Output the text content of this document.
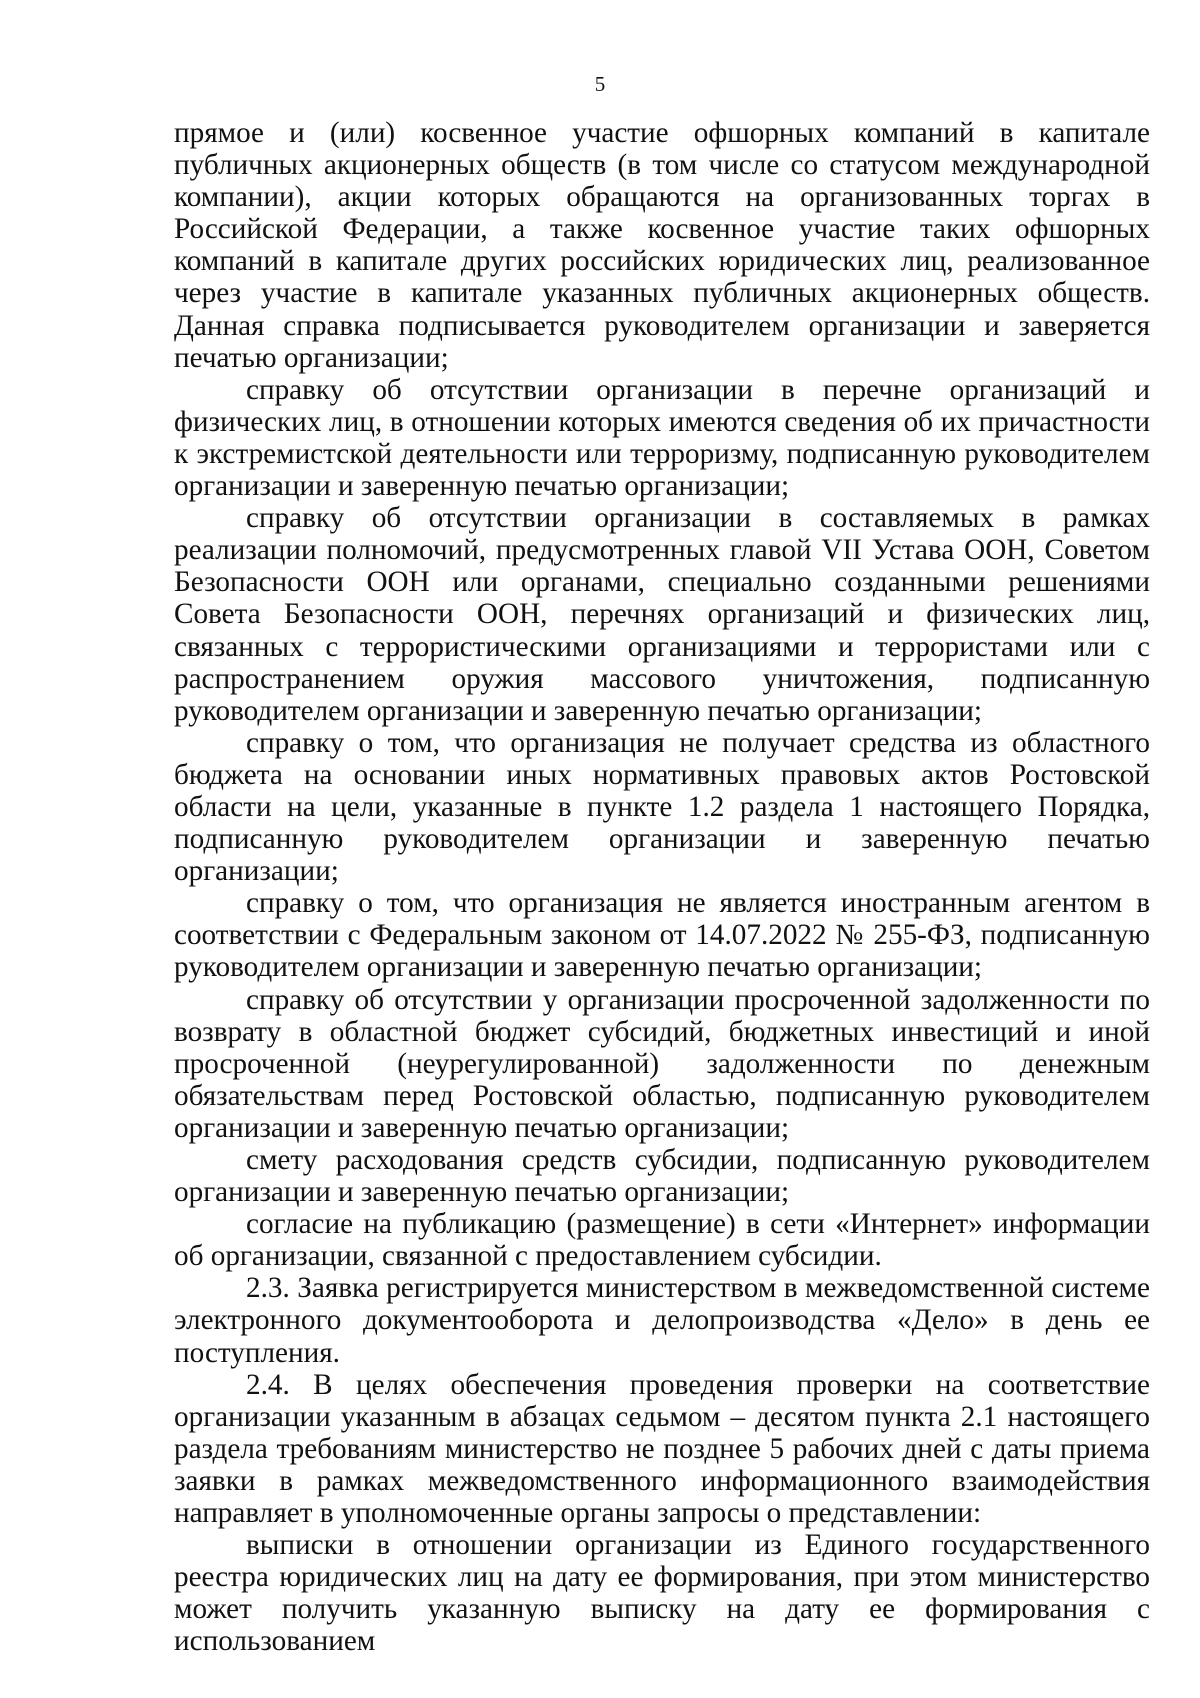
5

прямое и (или) косвенное участие офшорных компаний в капитале публичных акционерных обществ (в том числе со статусом международной компании), акции которых обращаются на организованных торгах в Российской Федерации, а также косвенное участие таких офшорных компаний в капитале других российских юридических лиц, реализованное через участие в капитале указанных публичных акционерных обществ. Данная справка подписывается руководителем организации и заверяется печатью организации;

справку об отсутствии организации в перечне организаций и физических лиц, в отношении которых имеются сведения об их причастности к экстремистской деятельности или терроризму, подписанную руководителем организации и заверенную печатью организации;

справку об отсутствии организации в составляемых в рамках реализации полномочий, предусмотренных главой VII Устава ООН, Советом Безопасности ООН или органами, специально созданными решениями Совета Безопасности ООН, перечнях организаций и физических лиц, связанных с террористическими организациями и террористами или с распространением оружия массового уничтожения, подписанную руководителем организации и заверенную печатью организации;

справку о том, что организация не получает средства из областного бюджета на основании иных нормативных правовых актов Ростовской области на цели, указанные в пункте 1.2 раздела 1 настоящего Порядка, подписанную руководителем организации и заверенную печатью организации;

справку о том, что организация не является иностранным агентом в соответствии с Федеральным законом от 14.07.2022 № 255-ФЗ, подписанную руководителем организации и заверенную печатью организации;

справку об отсутствии у организации просроченной задолженности по возврату в областной бюджет субсидий, бюджетных инвестиций и иной просроченной (неурегулированной) задолженности по денежным обязательствам перед Ростовской областью, подписанную руководителем организации и заверенную печатью организации;

смету расходования средств субсидии, подписанную руководителем организации и заверенную печатью организации;

согласие на публикацию (размещение) в сети «Интернет» информации об организации, связанной с предоставлением субсидии.

2.3. Заявка регистрируется министерством в межведомственной системе электронного документооборота и делопроизводства «Дело» в день ее поступления.

2.4. В целях обеспечения проведения проверки на соответствие организации указанным в абзацах седьмом – десятом пункта 2.1 настоящего раздела требованиям министерство не позднее 5 рабочих дней с даты приема заявки в рамках межведомственного информационного взаимодействия направляет в уполномоченные органы запросы о представлении:

выписки в отношении организации из Единого государственного реестра юридических лиц на дату ее формирования, при этом министерство может получить указанную выписку на дату ее формирования с использованием
